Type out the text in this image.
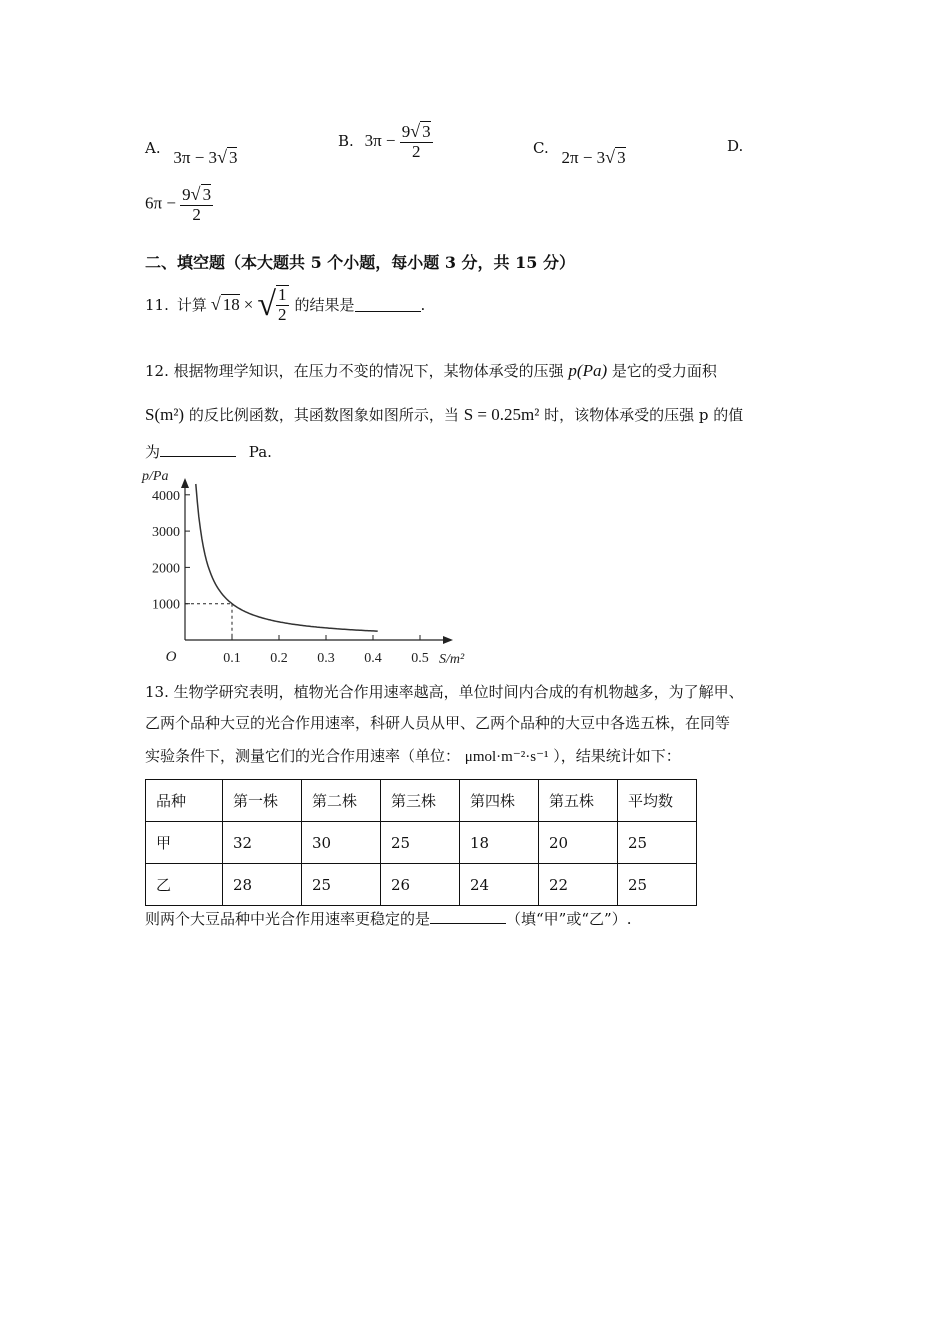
A. 3π − 3√ 3
B. $3\pi - \frac{9√ 3}{2}$	C. 2π − 3√ 3
D.
$6\pi - \frac{9√ 3}{2}$
二、填空题（本大题共 5 个小题，每小题 3 分，共 15 分）
11. 计算 √ 18 × √ $\frac{1}{2}$ 的结果是	.
12. 根据物理学知识，在压力不变的情况下，某物体承受的压强 p(Pa) 是它的受力面积
S(m²) 的反比例函数，其函数图象如图所示，当 S = 0.25m² 时，该物体承受的压强 p 的值
为	Pa.
1000
2000
3000
4000
0.1 0.2 0.3 0.4 0.5
O	S/m²
p/Pa
13. 生物学研究表明，植物光合作用速率越高，单位时间内合成的有机物越多，为了解甲、
乙两个品种大豆的光合作用速率，科研人员从甲、乙两个品种的大豆中各选五株，在同等
实验条件下，测量它们的光合作用速率（单位： μmol·m⁻²·s⁻¹ ），结果统计如下：
品种	第一株	第二株	第三株	第四株	第五株	平均数
甲	32	30	25	18	20	25
乙	28	25	26	24	22	25
则两个大豆品种中光合作用速率更稳定的是	（填“甲”或“乙”）.
